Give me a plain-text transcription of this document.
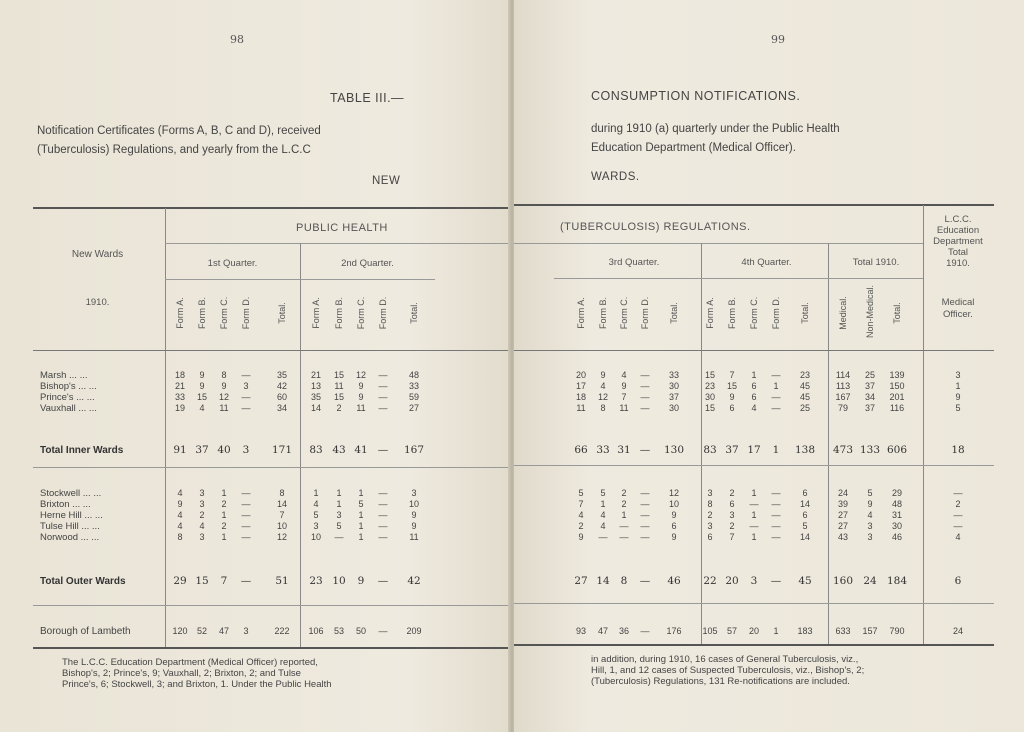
98
TABLE III.—
Notification Certificates (Forms A, B, C and D), received
(Tuberculosis) Regulations, and yearly from the L.C.C
NEW
New Wards
1910.
PUBLIC HEALTH
1st Quarter.	2nd Quarter.
Form A. Form B. Form C. Form D.	Total.	Form A. Form B. Form C. Form D. Total.
Marsh ... ...	18	9	8	—	35	21	15	12	—	48
Bishop's ... ...	21	9	9	3	42	13	11	9	—	33
Prince's ... ...	33	15	12	—	60	35	15	9	—	59
Vauxhall ... ...	19	4	11	—	34	14	2	11	—	27
Total Inner Wards	91 37 40	3	171	83 43 41 —	167
Stockwell ... ...	4	3	1	—	8	1	1	1	—	3
Brixton ... ...	9	3	2	—	14	4	1	5	—	10
Herne Hill ... ...	4	2	1	—	7	5	3	1	—	9
Tulse Hill ... ...	4	4	2	—	10	3	5	1	—	9
Norwood ... ...	8	3	1	—	12	10	—	1	—	11
Total Outer Wards	29 15	7	—	51	23 10	9	—	42
Borough of Lambeth	120	52	47	3	222	106	53	50	—	209
The L.C.C. Education Department (Medical Officer) reported,
Bishop's, 2; Prince's, 9; Vauxhall, 2; Brixton, 2; and Tulse
Prince's, 6; Stockwell, 3; and Brixton, 1. Under the Public Health
99
CONSUMPTION NOTIFICATIONS.
during 1910 (a) quarterly under the Public Health
Education Department (Medical Officer).
WARDS.
(TUBERCULOSIS) REGULATIONS.
L.C.C.
Education
Department
Total
1910.
3rd Quarter.	4th Quarter.	Total 1910.
Form A. Form B. Form C. Form D. Total.	Form A. Form B. Form C. Form D. Total.	Medical. Non-Medical. Total.	Medical
Officer.
20	9	4	—	33	15	7	1	—	23	114	25	139	3
17	4	9	—	30	23	15	6	1	45	113	37	150	1
18	12	7	—	37	30	9	6	—	45	167	34	201	9
11	8	11	—	30	15	6	4	—	25	79	37	116	5
66 33 31 —	130	83 37 17	1	138	473 133 606	18
5	5	2	—	12	3	2	1	—	6	24	5	29	—
7	1	2	—	10	8	6	—	—	14	39	9	48	2
4	4	1	—	9	2	3	1	—	6	27	4	31	—
2	4	—	—	6	3	2	—	—	5	27	3	30	—
9	—	—	—	9	6	7	1	—	14	43	3	46	4
27 14	8	—	46	22 20	3	—	45	160 24 184	6
93	47	36	—	176	105	57	20	1	183	633	157	790	24
in addition, during 1910, 16 cases of General Tuberculosis, viz.,
Hill, 1, and 12 cases of Suspected Tuberculosis, viz., Bishop's, 2;
(Tuberculosis) Regulations, 131 Re-notifications are included.
